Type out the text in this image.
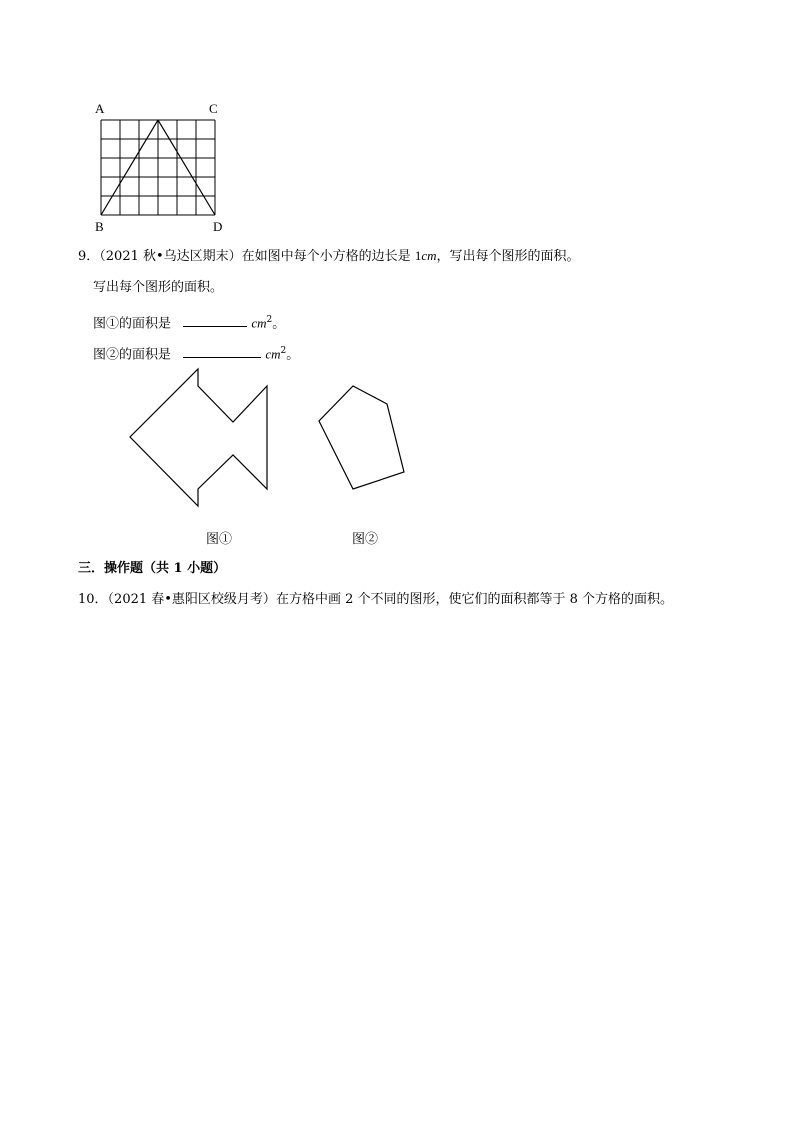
A	C
B	D
9．（2021 秋•乌达区期末）在如图中每个小方格的边长是 1cm，写出每个图形的面积。
写出每个图形的面积。
图①的面积是	$cm^2$。
图②的面积是	$cm^2$。
图①	图②
三．操作题（共 1 小题）
10．（2021 春•惠阳区校级月考）在方格中画 2 个不同的图形，使它们的面积都等于 8 个方格的面积。
